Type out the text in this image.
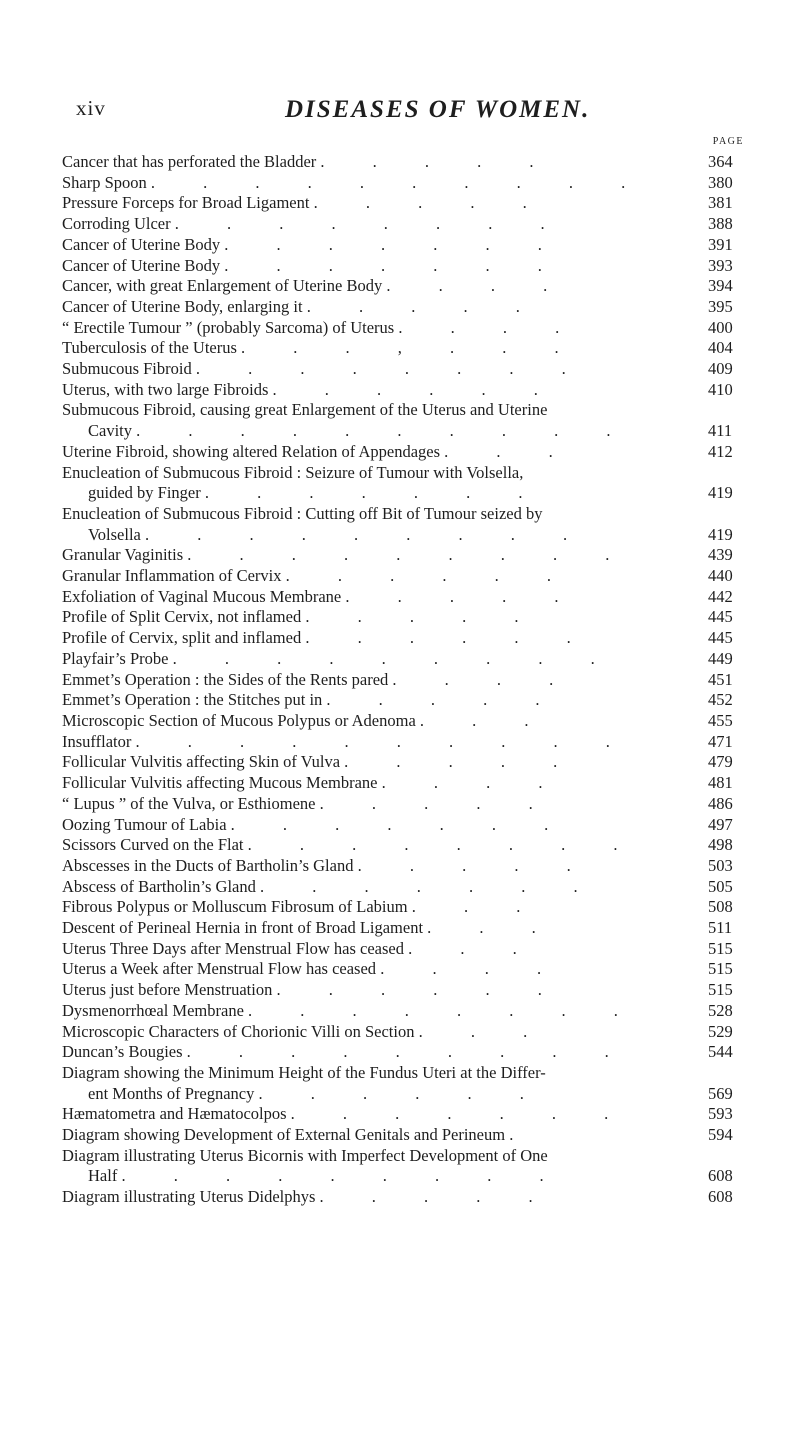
xiv	DISEASES OF WOMEN.
PAGE
Cancer that has perforated the Bladder . . . . .	364
Sharp Spoon . . . . . . . . . .	380
Pressure Forceps for Broad Ligament . . . . .	381
Corroding Ulcer . . . . . . . .	388
Cancer of Uterine Body . . . . . . .	391
Cancer of Uterine Body . . . . . . .	393
Cancer, with great Enlargement of Uterine Body . . . .	394
Cancer of Uterine Body, enlarging it . . . . .	395
“ Erectile Tumour ” (probably Sarcoma) of Uterus . . . .	400
Tuberculosis of the Uterus . . . , . . .	404
Submucous Fibroid . . . . . . . .	409
Uterus, with two large Fibroids . . . . . .	410
Submucous Fibroid, causing great Enlargement of the Uterus and Uterine
Cavity . . . . . . . . . .	411
Uterine Fibroid, showing altered Relation of Appendages . . .	412
Enucleation of Submucous Fibroid : Seizure of Tumour with Volsella,
guided by Finger . . . . . . .	419
Enucleation of Submucous Fibroid : Cutting off Bit of Tumour seized by
Volsella . . . . . . . . .	419
Granular Vaginitis . . . . . . . . .	439
Granular Inflammation of Cervix . . . . . .	440
Exfoliation of Vaginal Mucous Membrane . . . . .	442
Profile of Split Cervix, not inflamed . . . . .	445
Profile of Cervix, split and inflamed . . . . . .	445
Playfair’s Probe . . . . . . . . .	449
Emmet’s Operation : the Sides of the Rents pared . . . .	451
Emmet’s Operation : the Stitches put in . . . . .	452
Microscopic Section of Mucous Polypus or Adenoma . . .	455
Insufflator . . . . . . . . . .	471
Follicular Vulvitis affecting Skin of Vulva . . . . .	479
Follicular Vulvitis affecting Mucous Membrane . . . .	481
“ Lupus ” of the Vulva, or Esthiomene . . . . .	486
Oozing Tumour of Labia . . . . . . .	497
Scissors Curved on the Flat . . . . . . . .	498
Abscesses in the Ducts of Bartholin’s Gland . . . . .	503
Abscess of Bartholin’s Gland . . . . . . .	505
Fibrous Polypus or Molluscum Fibrosum of Labium . . .	508
Descent of Perineal Hernia in front of Broad Ligament . . .	511
Uterus Three Days after Menstrual Flow has ceased . . .	515
Uterus a Week after Menstrual Flow has ceased . . . .	515
Uterus just before Menstruation . . . . . .	515
Dysmenorrhœal Membrane . . . . . . . .	528
Microscopic Characters of Chorionic Villi on Section . . .	529
Duncan’s Bougies . . . . . . . . .	544
Diagram showing the Minimum Height of the Fundus Uteri at the Differ-
ent Months of Pregnancy . . . . . .	569
Hæmatometra and Hæmatocolpos . . . . . . .	593
Diagram showing Development of External Genitals and Perineum .	594
Diagram illustrating Uterus Bicornis with Imperfect Development of One
Half . . . . . . . . .	608
Diagram illustrating Uterus Didelphys . . . . .	608
